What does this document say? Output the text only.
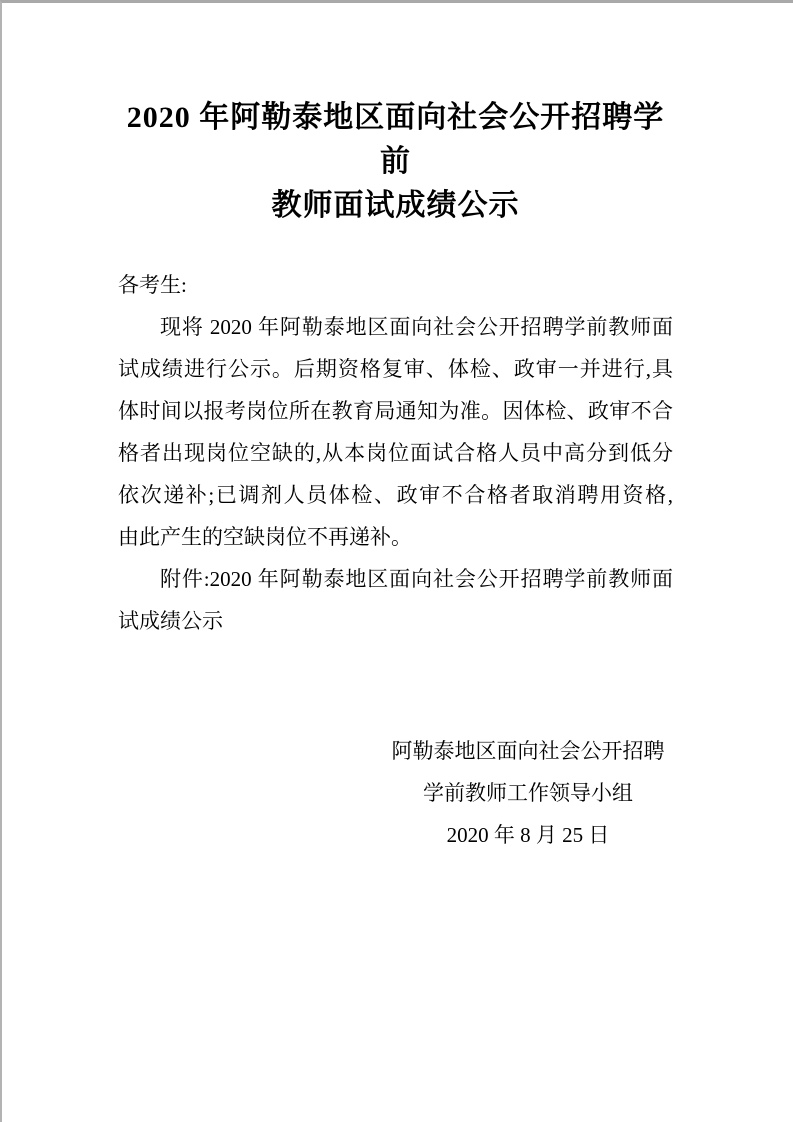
2020 年阿勒泰地区面向社会公开招聘学前
教师面试成绩公示
各考生:
现将 2020 年阿勒泰地区面向社会公开招聘学前教师面
试成绩进行公示。后期资格复审、体检、政审一并进行,具
体时间以报考岗位所在教育局通知为准。因体检、政审不合
格者出现岗位空缺的,从本岗位面试合格人员中高分到低分
依次递补;已调剂人员体检、政审不合格者取消聘用资格,
由此产生的空缺岗位不再递补。
附件:2020 年阿勒泰地区面向社会公开招聘学前教师面
试成绩公示
阿勒泰地区面向社会公开招聘
学前教师工作领导小组
2020 年 8 月 25 日
